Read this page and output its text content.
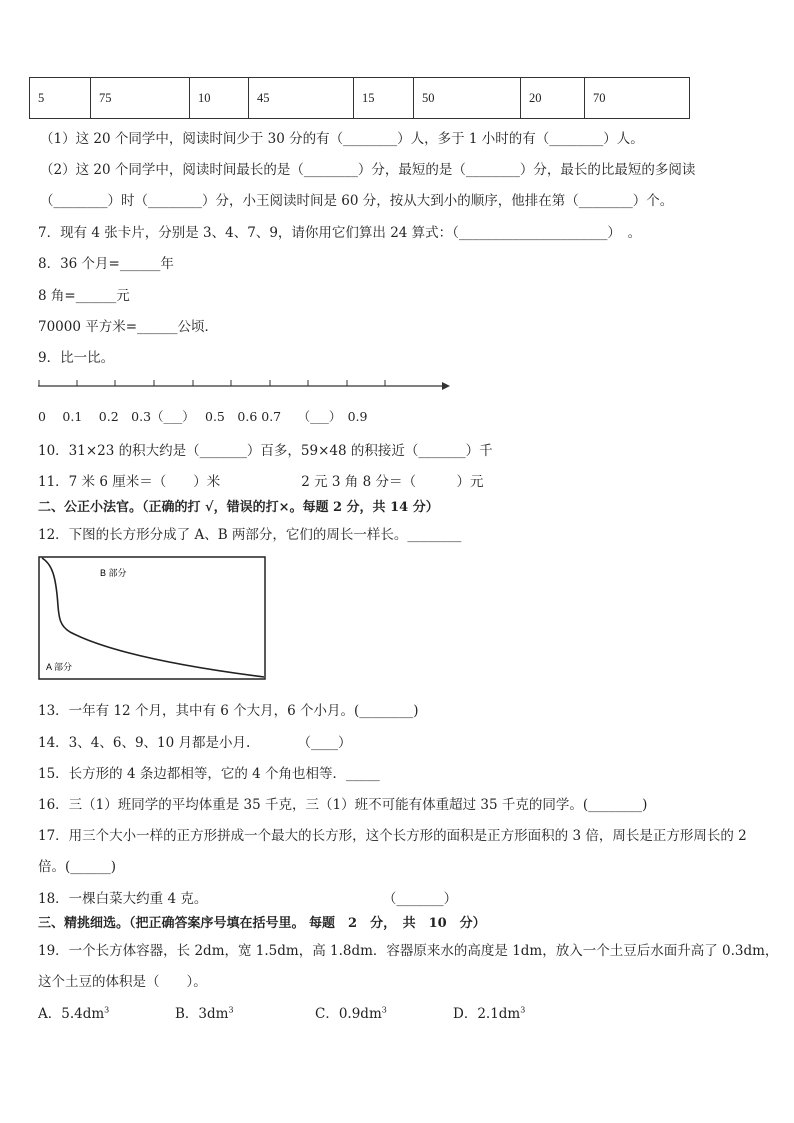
5	75	10	45	15	50	20	70
（1）这 20 个同学中，阅读时间少于 30 分的有（________）人，多于 1 小时的有（________）人。
（2）这 20 个同学中，阅读时间最长的是（________）分，最短的是（________）分，最长的比最短的多阅读
（________）时（________）分，小王阅读时间是 60 分，按从大到小的顺序，他排在第（________）个。
7．现有 4 张卡片，分别是 3、4、7、9，请你用它们算出 24 算式：（______________________）　。
8．36 个月=______年
8 角=______元
70000 平方米=______公顷．
9．比一比。
0　 0.1　 0.2　0.3（___）　 0.5　0.6 0.7　 （___）　0.9
10．31×23 的积大约是（_______）百多，59×48 的积接近（_______）千
11．7 米 6 厘米＝（　　）米　　　　　　2 元 3 角 8 分＝（　　　）元
二、公正小法官。（正确的打 √，错误的打×。每题 2 分，共 14 分）
12．下图的长方形分成了 A、B 两部分，它们的周长一样长。________
B 部分
A 部分
13．一年有 12 个月，其中有 6 个大月，6 个小月。(________)
14．3、4、6、9、10 月都是小月.　　　　（____）
15．长方形的 4 条边都相等，它的 4 个角也相等．_____
16．三（1）班同学的平均体重是 35 千克，三（1）班不可能有体重超过 35 千克的同学。(________)
17．用三个大小一样的正方形拼成一个最大的长方形，这个长方形的面积是正方形面积的 3 倍，周长是正方形周长的 2
倍。(______)
18．一棵白菜大约重 4 克。　　　　　　　　　　　　　　（_______）
三、精挑细选。（把正确答案序号填在括号里。 每题　2　分，　共　10　分）
19．一个长方体容器，长 2dm，宽 1.5dm，高 1.8dm．容器原来水的高度是 1dm，放入一个土豆后水面升高了 0.3dm，
这个土豆的体积是（　　）。
A．$5.4dm^3$	B．$3dm^3$	C．$0.9dm^3$	D．$2.1dm^3$
